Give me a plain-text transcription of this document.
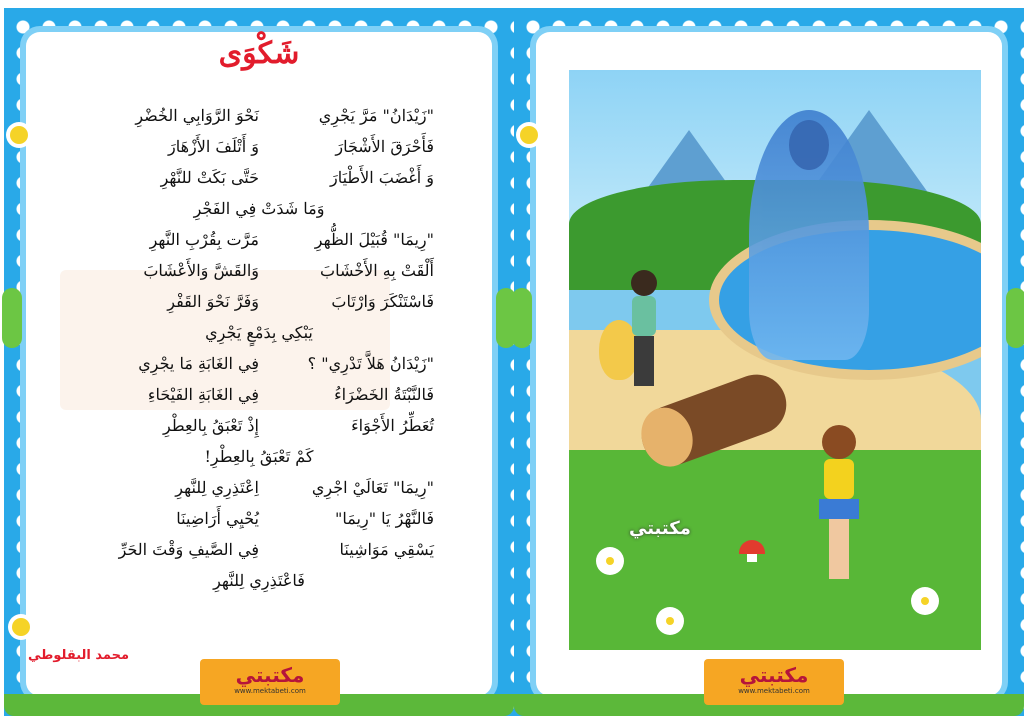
شَكْوَى
"زَيْدَانُ" مَرَّ يَجْرِي
نَحْوَ الرَّوَابِي الخُضْرِ
فَأَحْرَقَ الأَشْجَارَ
وَ أَتْلَفَ الأَزْهَارَ
وَ أَغْضَبَ الأَطْيَارَ
حَتَّى بَكَتْ للنَّهْرِ
وَمَا شَدَتْ فِي الفَجْرِ
"رِيمَا" قُبَيْلَ الظُّهرِ
مَرَّت بِقُرْبِ النَّهرِ
أَلْقَتْ بِهِ الأَخْشَابَ
وَالقَشَّ وَالأَعْشَابَ
فَاسْتَنْكَرَ وَارْتَابَ
وَفَرَّ نَحْوَ القَفْرِ
يَبْكِي بِدَمْعٍ يَجْرِي
"زَيْدَانُ هَلاَّ تَدْرِي" ؟
فِي الغَابَةِ مَا يجْرِي
فَالنَّبْتَةُ الخَضْرَاءُ
فِي الغَابَةِ الفَيْحَاءِ
تُعَطِّرُ الأَجْوَاءَ
إِذْ تَعْبَقُ بِالعِطْرِ
كَمْ تَعْبَقُ بِالعِطْرِ!
"رِيمَا" تَعَالَيْ اجْرِي
اِعْتَذِرِي لِلنَّهرِ
فَالنَّهْرُ يَا "رِيمَا"
يُحْيِي أَرَاضِينَا
يَسْقِي مَوَاشِينَا
فِي الصَّيفِ وَقْتَ الحَرِّ
فَاعْتَذِرِي لِلنَّهرِ
محمد البقلوطي
مكتبتي
www.mektabeti.com
مكتبتي
مكتبتي
www.mektabeti.com
